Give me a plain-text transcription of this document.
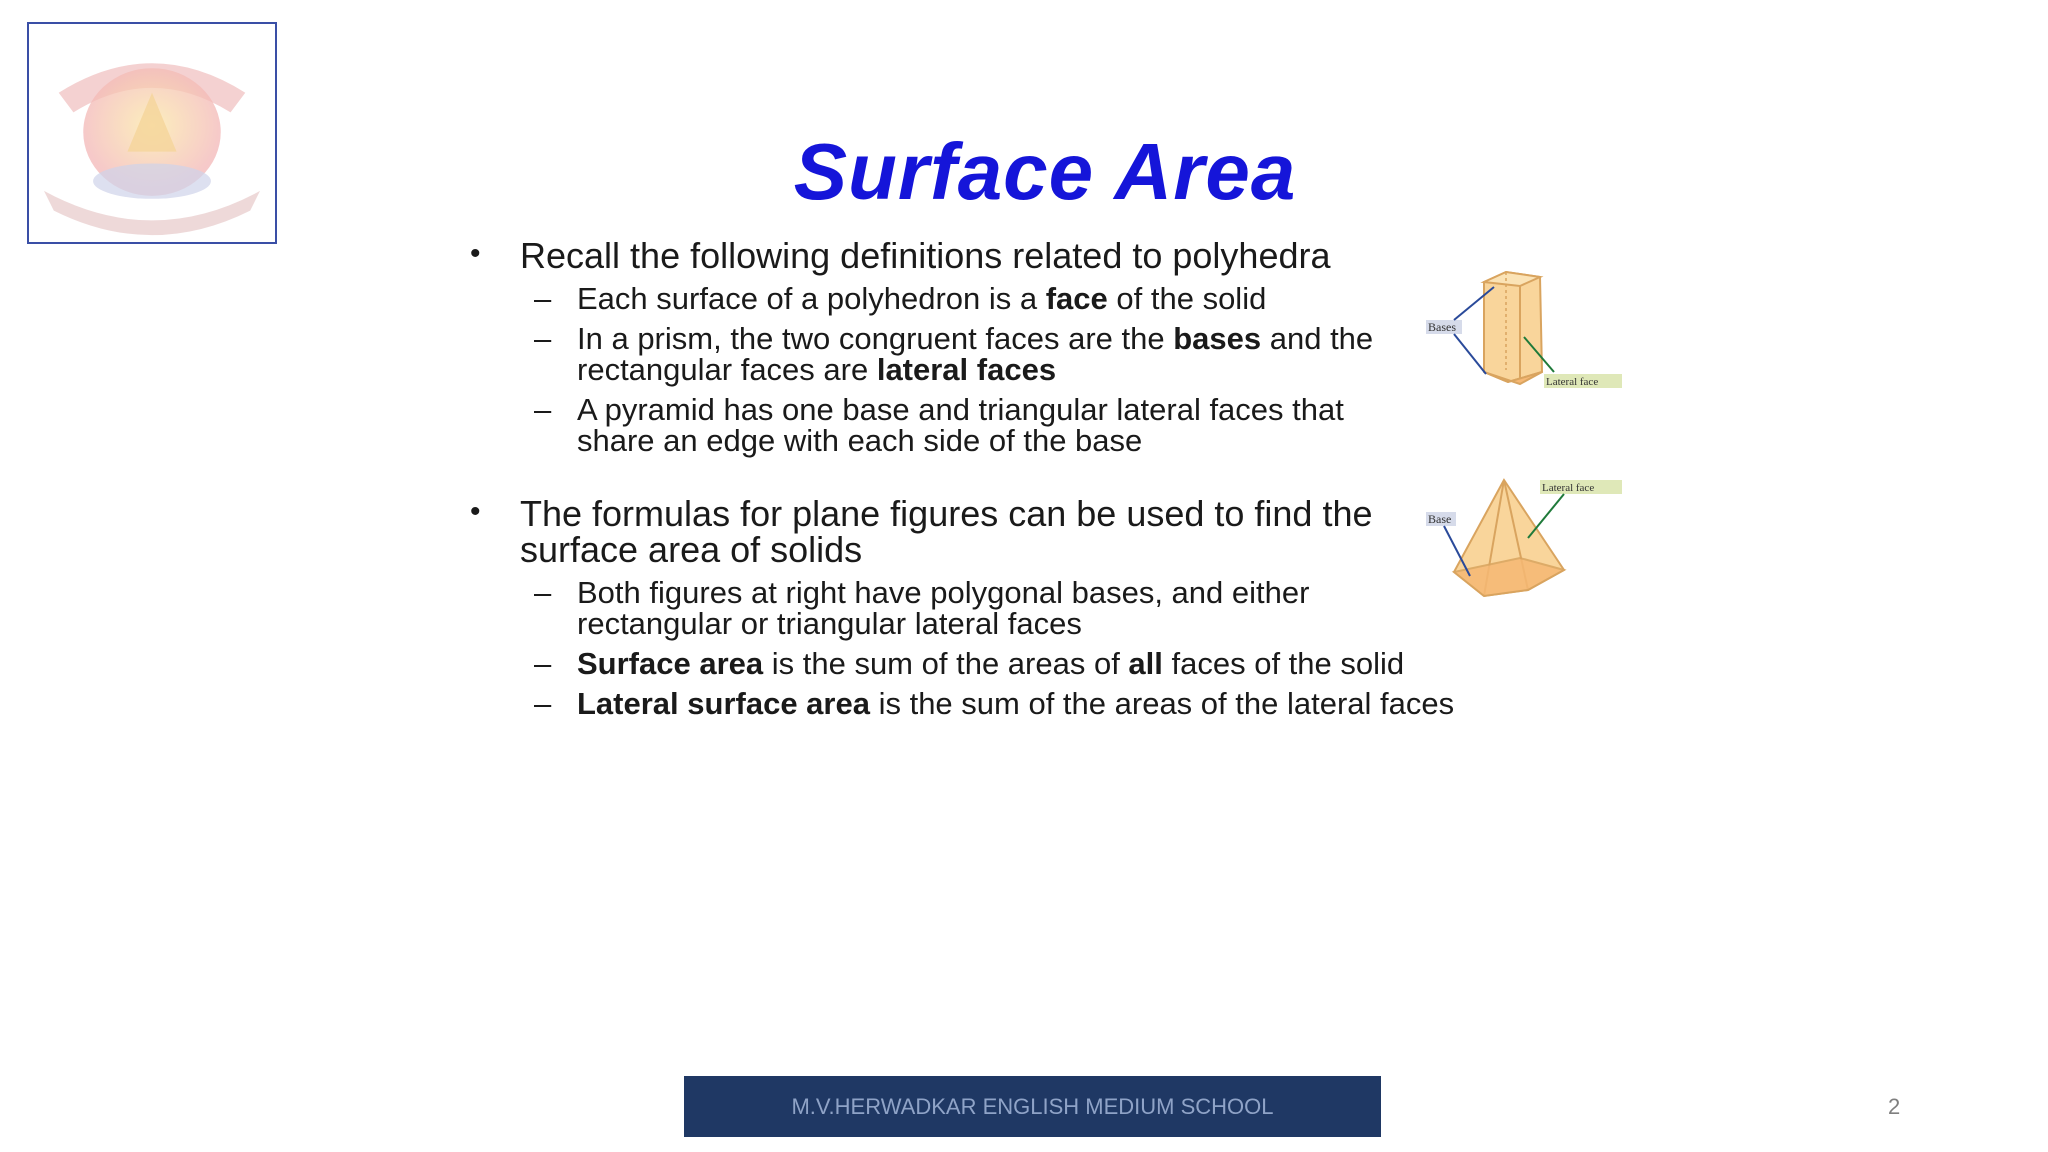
Surface Area
• Recall the following definitions related to polyhedra
– Each surface of a polyhedron is a face of the solid
– In a prism, the two congruent faces are the bases and the rectangular faces are lateral faces
– A pyramid has one base and triangular lateral faces that share an edge with each side of the base
• The formulas for plane figures can be used to find the surface area of solids
– Both figures at right have polygonal bases, and either rectangular or triangular lateral faces
– Surface area is the sum of the areas of all faces of the solid
– Lateral surface area is the sum of the areas of the lateral faces
Bases
Lateral face
Base
Lateral face
M.V.HERWADKAR ENGLISH MEDIUM SCHOOL	2
